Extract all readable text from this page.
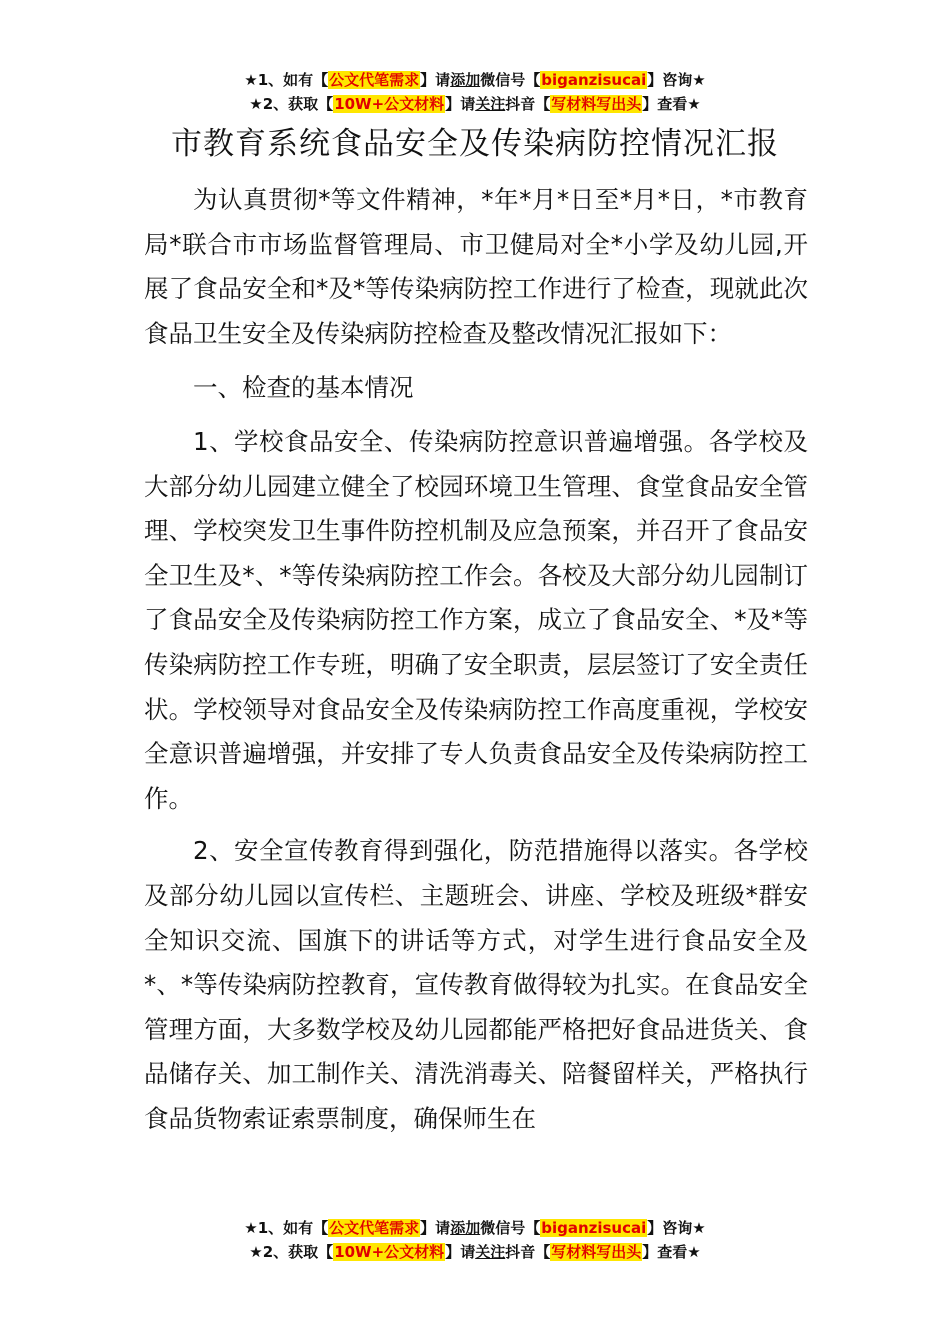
★1、如有【公文代笔需求】请添加微信号【biganzisucai】咨询★
★2、获取【10W+公文材料】请关注抖音【写材料写出头】查看★
市教育系统食品安全及传染病防控情况汇报

为认真贯彻*等文件精神，*年*月*日至*月*日，*市教育局*联合市市场监督管理局、市卫健局对全*小学及幼儿园,开展了食品安全和*及*等传染病防控工作进行了检查，现就此次食品卫生安全及传染病防控检查及整改情况汇报如下：

一、检查的基本情况

1、学校食品安全、传染病防控意识普遍增强。各学校及大部分幼儿园建立健全了校园环境卫生管理、食堂食品安全管理、学校突发卫生事件防控机制及应急预案，并召开了食品安全卫生及*、*等传染病防控工作会。各校及大部分幼儿园制订了食品安全及传染病防控工作方案，成立了食品安全、*及*等传染病防控工作专班，明确了安全职责，层层签订了安全责任状。学校领导对食品安全及传染病防控工作高度重视，学校安全意识普遍增强，并安排了专人负责食品安全及传染病防控工作。

2、安全宣传教育得到强化，防范措施得以落实。各学校及部分幼儿园以宣传栏、主题班会、讲座、学校及班级*群安全知识交流、国旗下的讲话等方式，对学生进行食品安全及*、*等传染病防控教育，宣传教育做得较为扎实。在食品安全管理方面，大多数学校及幼儿园都能严格把好食品进货关、食品储存关、加工制作关、清洗消毒关、陪餐留样关，严格执行食品货物索证索票制度，确保师生在

★1、如有【公文代笔需求】请添加微信号【biganzisucai】咨询★
★2、获取【10W+公文材料】请关注抖音【写材料写出头】查看★
